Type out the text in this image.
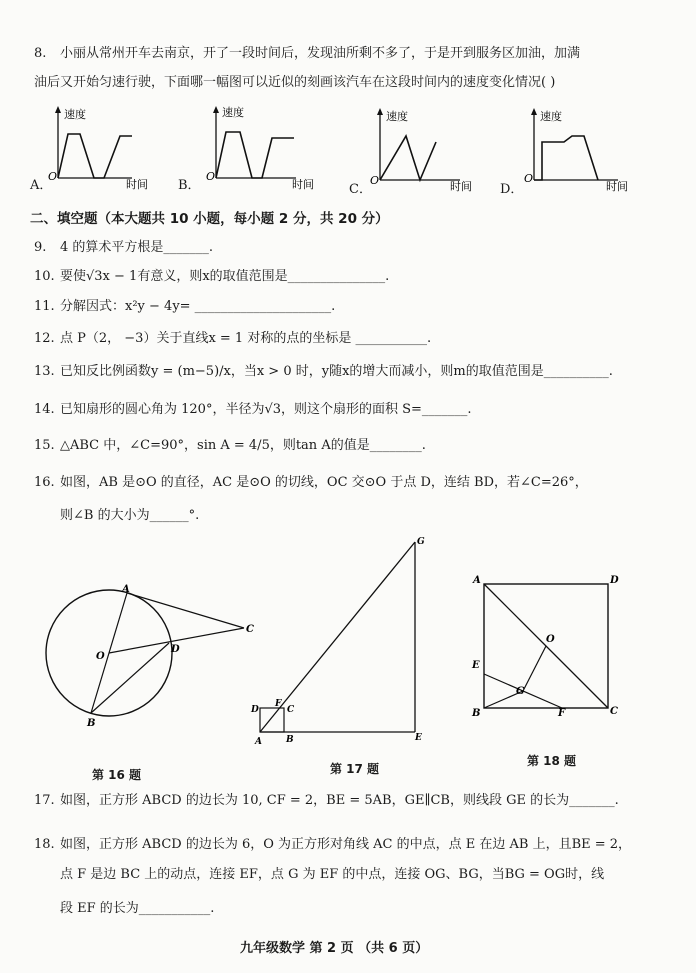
8. 小丽从常州开车去南京，开了一段时间后，发现油所剩不多了，于是开到服务区加油，加满
油后又开始匀速行驶，下面哪一幅图可以近似的刻画该汽车在这段时间内的速度变化情况( )
A．
速度
时间
O
B．
速度
时间
O
C．
速度
时间
O
D．
速度
时间
O
二、填空题（本大题共 10 小题，每小题 2 分，共 20 分）
9. 4 的算术平方根是_______.
10. 要使√3x − 1有意义，则x的取值范围是_______________.
11. 分解因式：x²y − 4y= _____________________.
12. 点 P（2， −3）关于直线x = 1 对称的点的坐标是 ___________.
13. 已知反比例函数y = (m−5)/x，当x > 0 时，y随x的增大而减小，则m的取值范围是__________.
14. 已知扇形的圆心角为 120°，半径为√3，则这个扇形的面积 S=_______.
15. △ABC 中，∠C=90°，sin A = 4/5，则tan A的值是________.
16. 如图，AB 是⊙O 的直径，AC 是⊙O 的切线，OC 交⊙O 于点 D，连结 BD，若∠C=26°，
则∠B 的大小为______°.
A
O
D
C
B
第 16 题
G
F
C
D
A	B	E
第 17 题
A	D
O
E
G
B	F	C
第 18 题
17. 如图，正方形 ABCD 的边长为 10, CF = 2，BE = 5AB，GE∥CB，则线段 GE 的长为_______.
18. 如图，正方形 ABCD 的边长为 6，O 为正方形对角线 AC 的中点，点 E 在边 AB 上，且BE = 2，
点 F 是边 BC 上的动点，连接 EF，点 G 为 EF 的中点，连接 OG、BG，当BG = OG时，线
段 EF 的长为___________.
九年级数学 第 2 页 （共 6 页）
